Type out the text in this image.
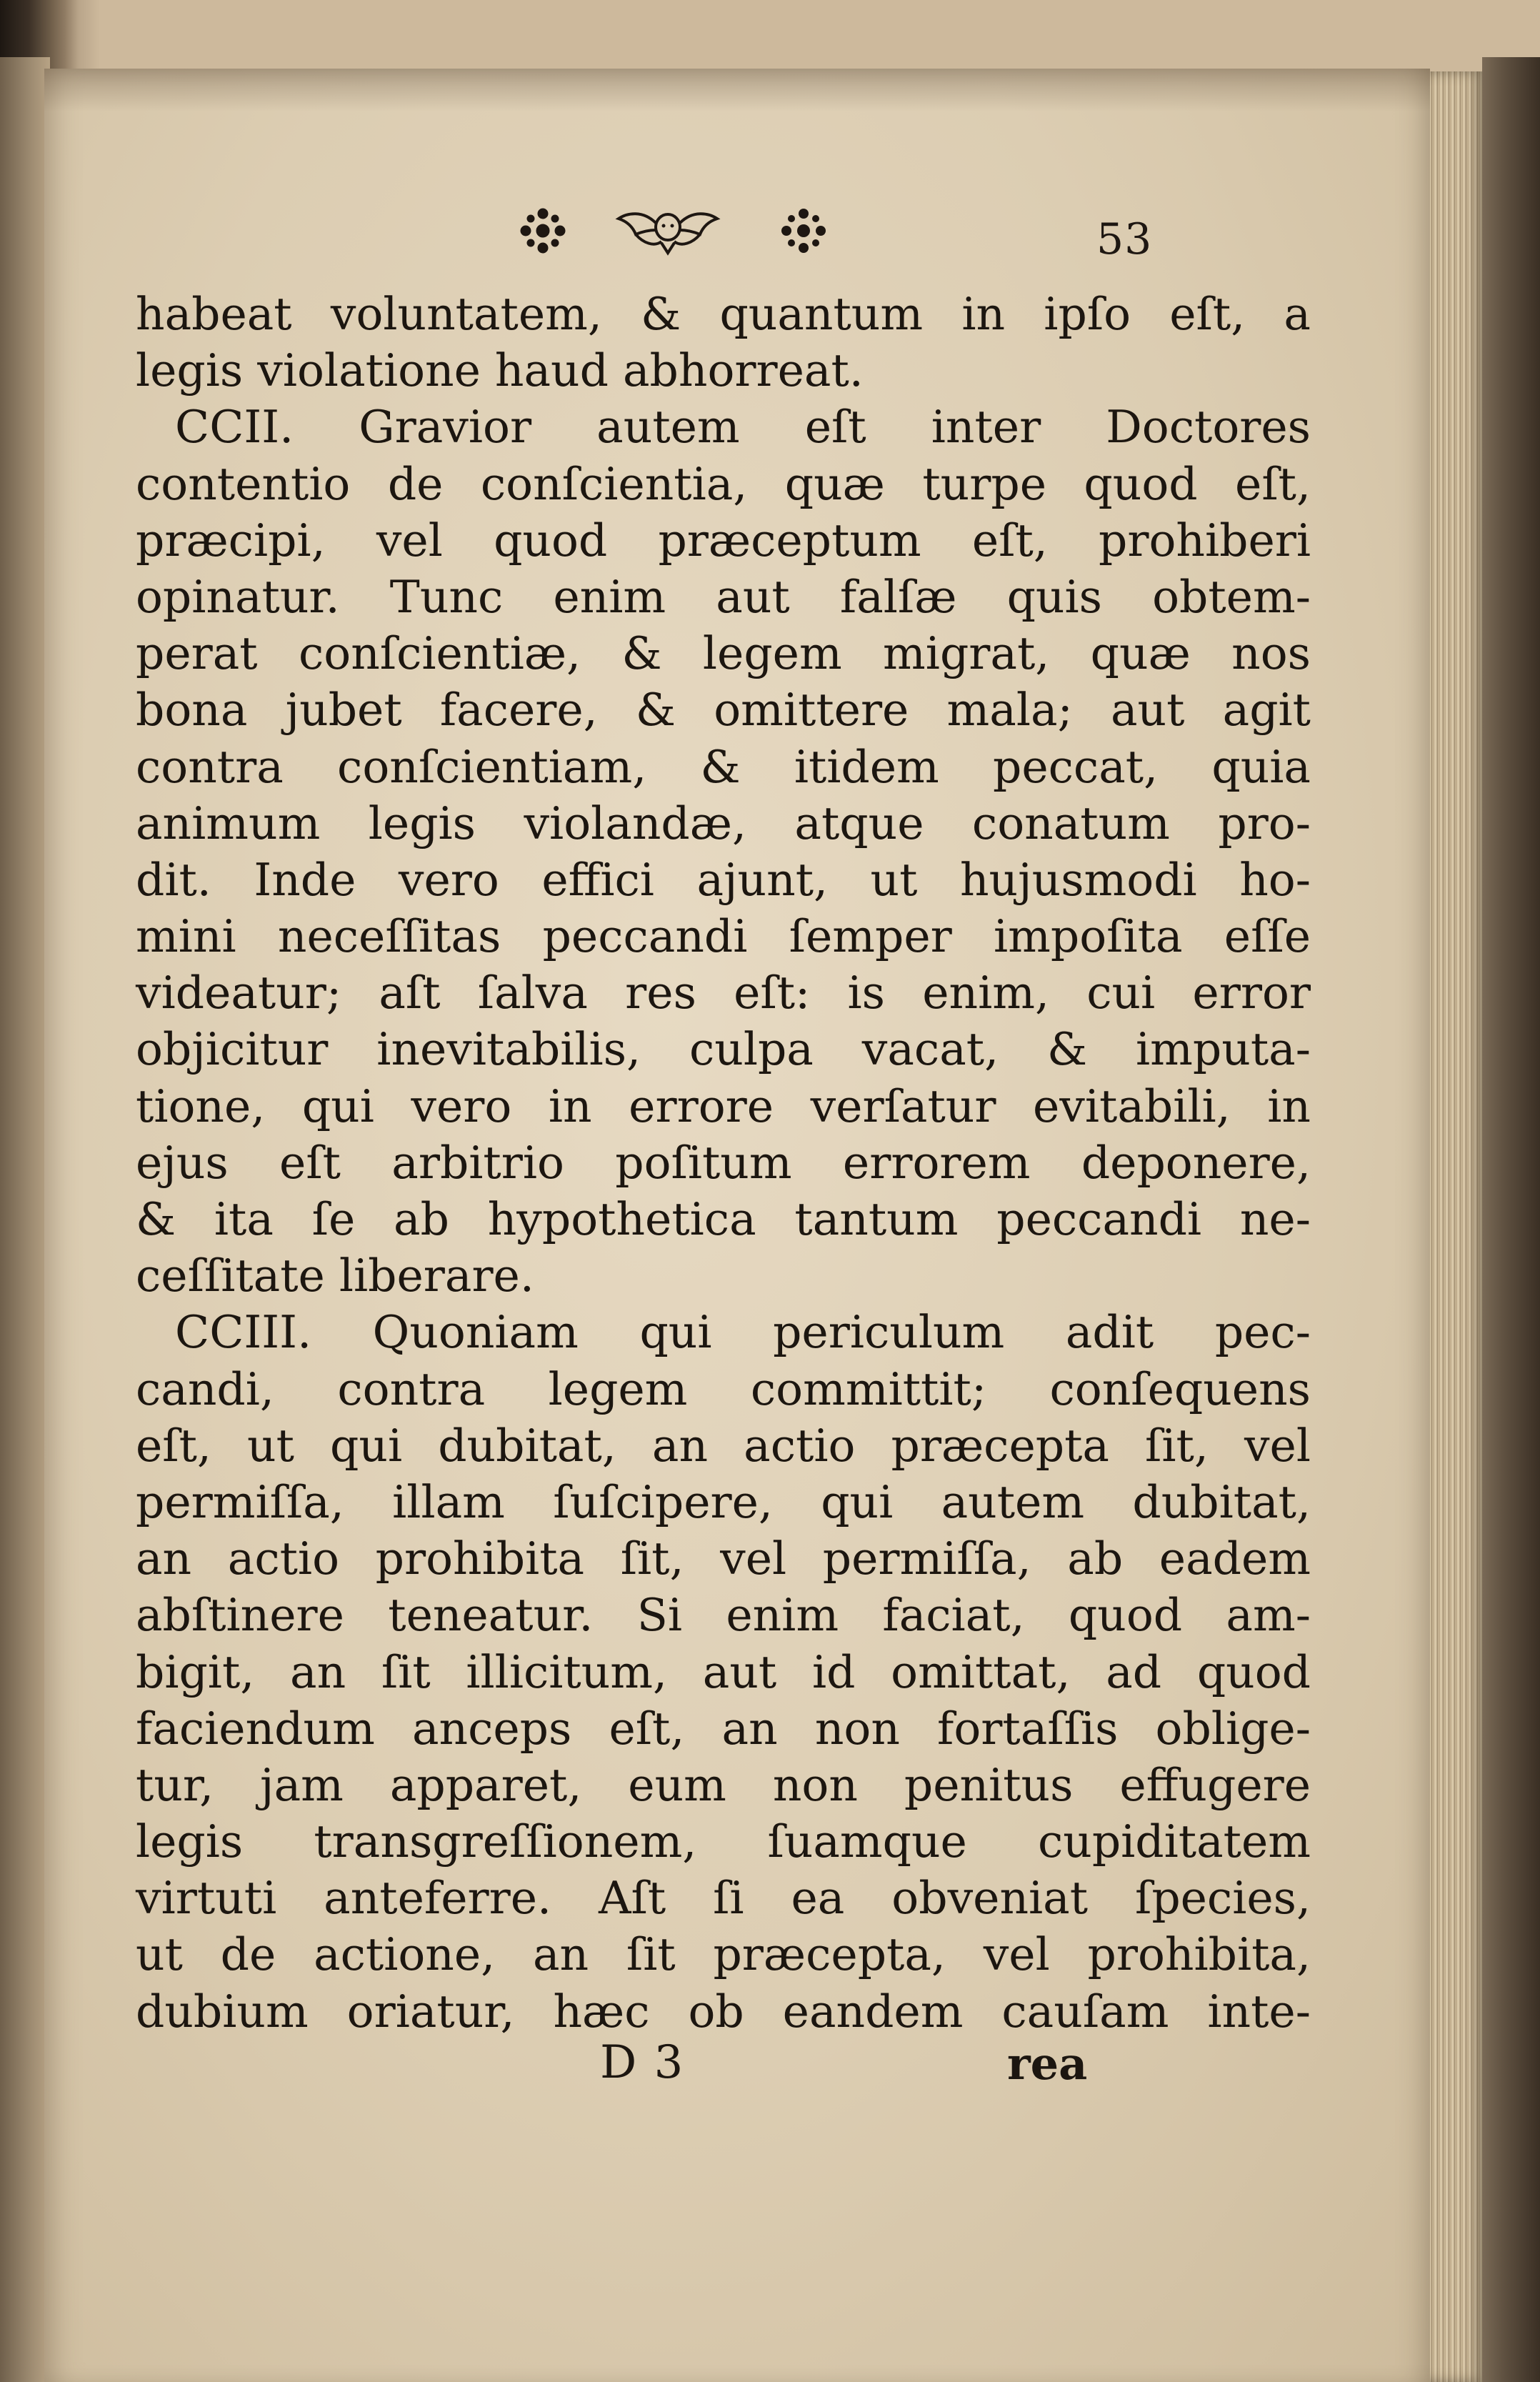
53
habeat voluntatem, & quantum in ipſo eſt, a
legis violatione haud abhorreat.
CCII. Gravior autem eſt inter Doctores
contentio de conſcientia, quæ turpe quod eſt,
præcipi, vel quod præceptum eſt, prohiberi
opinatur. Tunc enim aut falſæ quis obtem-
perat conſcientiæ, & legem migrat, quæ nos
bona jubet facere, & omittere mala; aut agit
contra conſcientiam, & itidem peccat, quia
animum legis violandæ, atque conatum pro-
dit. Inde vero effici ajunt, ut hujusmodi ho-
mini neceſſitas peccandi ſemper impoſita eſſe
videatur; aſt ſalva res eſt: is enim, cui error
objicitur inevitabilis, culpa vacat, & imputa-
tione, qui vero in errore verſatur evitabili, in
ejus eſt arbitrio poſitum errorem deponere,
& ita ſe ab hypothetica tantum peccandi ne-
ceſſitate liberare.
CCIII. Quoniam qui periculum adit pec-
candi, contra legem committit; conſequens
eſt, ut qui dubitat, an actio præcepta ſit, vel
permiſſa, illam ſuſcipere, qui autem dubitat,
an actio prohibita ſit, vel permiſſa, ab eadem
abſtinere teneatur. Si enim faciat, quod am-
bigit, an ſit illicitum, aut id omittat, ad quod
faciendum anceps eſt, an non fortaſſis oblige-
tur, jam apparet, eum non penitus effugere
legis transgreſſionem, ſuamque cupiditatem
virtuti anteferre. Aſt ſi ea obveniat ſpecies,
ut de actione, an ſit præcepta, vel prohibita,
dubium oriatur, hæc ob eandem cauſam inte-
D 3	rea
